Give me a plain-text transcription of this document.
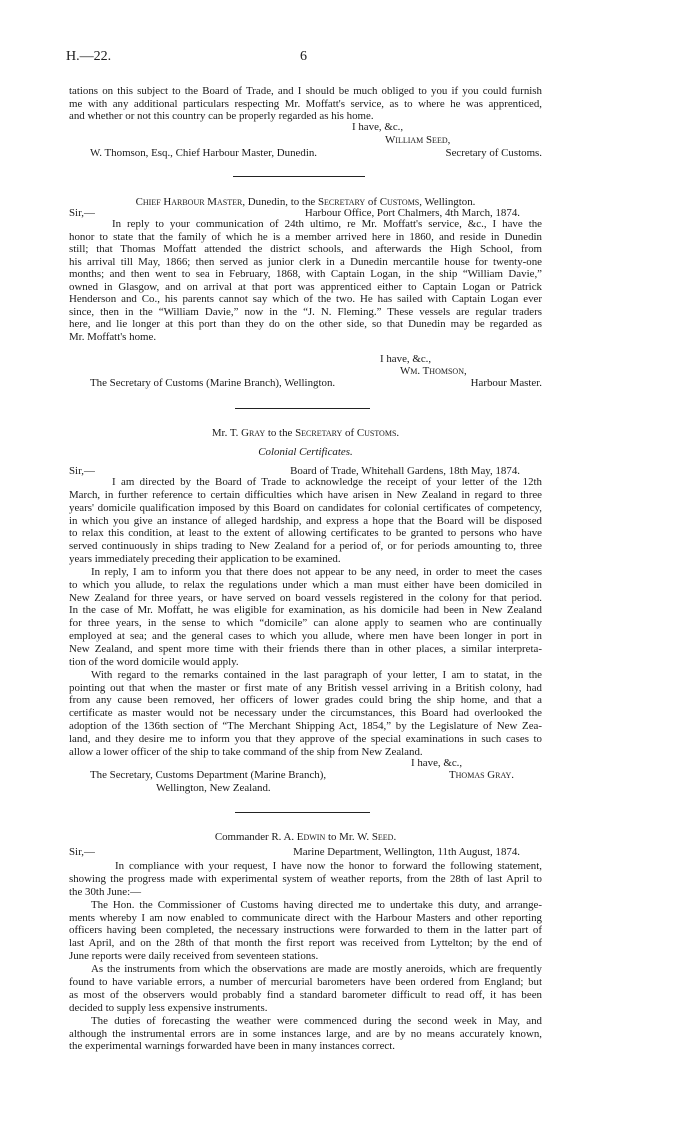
H.—22.	6
tations on this subject to the Board of Trade, and I should be much obliged to you if you could furnish
me with any additional particulars respecting Mr. Moffatt's service, as to where he was apprenticed,
and whether or not this country can be properly regarded as his home.
I have, &c.,
William Seed,
W. Thomson, Esq., Chief Harbour Master, Dunedin.	Secretary of Customs.
Chief Harbour Master, Dunedin, to the Secretary of Customs, Wellington.
Sir,—	Harbour Office, Port Chalmers, 4th March, 1874.
In reply to your communication of 24th ultimo, re Mr. Moffatt's service, &c., I have the
honor to state that the family of which he is a member arrived here in 1860, and reside in Dunedin
still; that Thomas Moffatt attended the district schools, and afterwards the High School, from
his arrival till May, 1866; then served as junior clerk in a Dunedin mercantile house for twenty-one
months; and then went to sea in February, 1868, with Captain Logan, in the ship “William Davie,”
owned in Glasgow, and on arrival at that port was apprenticed either to Captain Logan or Patrick
Henderson and Co., his parents cannot say which of the two. He has sailed with Captain Logan ever
since, then in the “William Davie,” now in the “J. N. Fleming.” These vessels are regular traders
here, and lie longer at this port than they do on the other side, so that Dunedin may be regarded as
Mr. Moffatt's home.
I have, &c.,
Wm. Thomson,
The Secretary of Customs (Marine Branch), Wellington.	Harbour Master.
Mr. T. Gray to the Secretary of Customs.
Colonial Certificates.
Sir,—	Board of Trade, Whitehall Gardens, 18th May, 1874.
I am directed by the Board of Trade to acknowledge the receipt of your letter of the 12th
March, in further reference to certain difficulties which have arisen in New Zealand in regard to three
years' domicile qualification imposed by this Board on candidates for colonial certificates of competency,
in which you give an instance of alleged hardship, and express a hope that the Board will be disposed
to relax this condition, at least to the extent of allowing certificates to be granted to persons who have
served continuously in ships trading to New Zealand for a period of, or for periods amounting to, three
years immediately preceding their application to be examined.
In reply, I am to inform you that there does not appear to be any need, in order to meet the cases
to which you allude, to relax the regulations under which a man must either have been domiciled in
New Zealand for three years, or have served on board vessels registered in the colony for that period.
In the case of Mr. Moffatt, he was eligible for examination, as his domicile had been in New Zealand
for three years, in the sense to which “domicile” can alone apply to seamen who are continually
employed at sea; and the general cases to which you allude, where men have been longer in port in
New Zealand, and spent more time with their friends there than in other places, a similar interpreta-
tion of the word domicile would apply.
With regard to the remarks contained in the last paragraph of your letter, I am to statat, in the
pointing out that when the master or first mate of any British vessel arriving in a British colony, had
from any cause been removed, her officers of lower grades could bring the ship home, and that a
certificate as master would not be necessary under the circumstances, this Board had overlooked the
adoption of the 136th section of “The Merchant Shipping Act, 1854,” by the Legislature of New Zea-
land, and they desire me to inform you that they approve of the special examinations in such cases to
allow a lower officer of the ship to take command of the ship from New Zealand.
I have, &c.,
Thomas Gray.
The Secretary, Customs Department (Marine Branch),
Wellington, New Zealand.
Commander R. A. Edwin to Mr. W. Seed.
Sir,—	Marine Department, Wellington, 11th August, 1874.
In compliance with your request, I have now the honor to forward the following statement,
showing the progress made with experimental system of weather reports, from the 28th of last April to
the 30th June:—
The Hon. the Commissioner of Customs having directed me to undertake this duty, and arrange-
ments whereby I am now enabled to communicate direct with the Harbour Masters and other reporting
officers having been completed, the necessary instructions were forwarded to them in the latter part of
last April, and on the 28th of that month the first report was received from Lyttelton; by the end of
June reports were daily received from seventeen stations.
As the instruments from which the observations are made are mostly aneroids, which are frequently
found to have variable errors, a number of mercurial barometers have been ordered from England; but
as most of the observers would probably find a standard barometer difficult to read off, it has been
decided to supply less expensive instruments.
The duties of forecasting the weather were commenced during the second week in May, and
although the instrumental errors are in some instances large, and are by no means accurately known,
the experimental warnings forwarded have been in many instances correct.
